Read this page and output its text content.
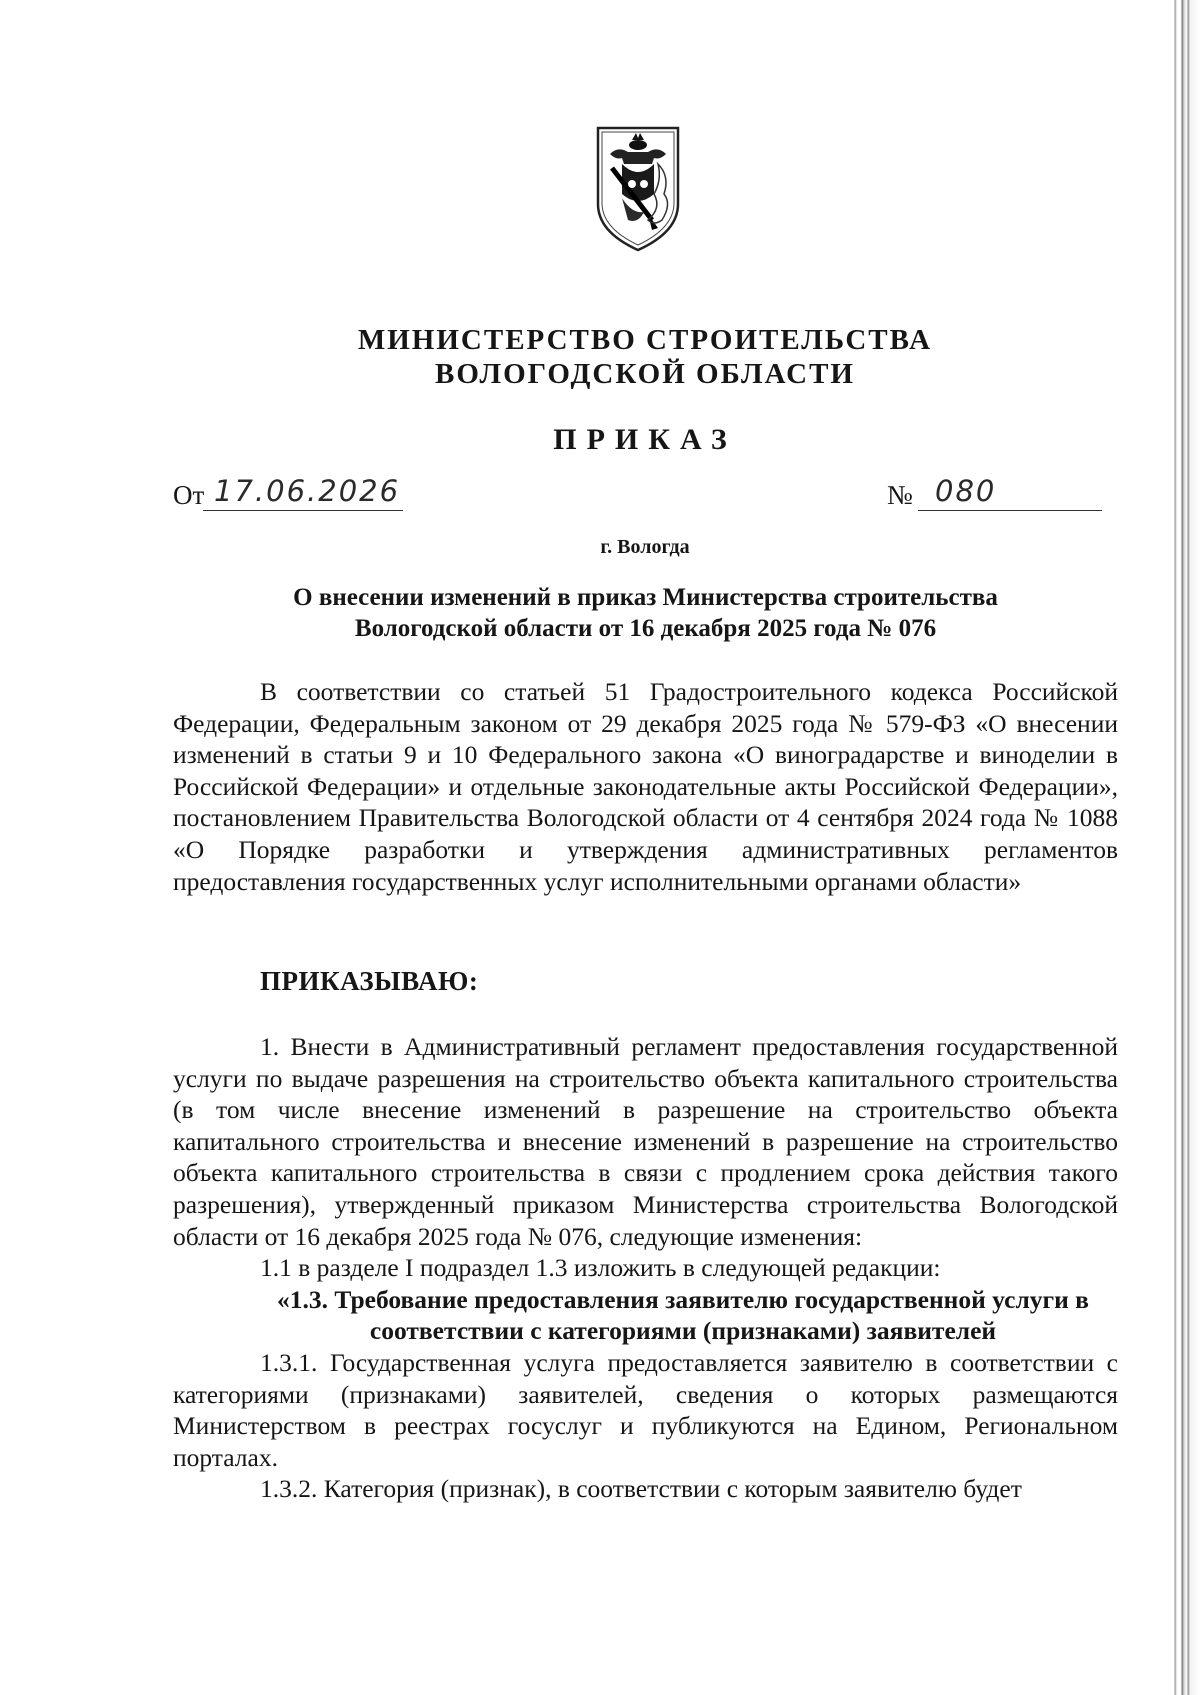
МИНИСТЕРСТВО СТРОИТЕЛЬСТВА
ВОЛОГОДСКОЙ ОБЛАСТИ
ПРИКАЗ
От 17.06.2026	№ 080
г. Вологда
О внесении изменений в приказ Министерства строительства
Вологодской области от 16 декабря 2025 года № 076

В соответствии со статьей 51 Градостроительного кодекса Российской Федерации, Федеральным законом от 29 декабря 2025 года № 579-ФЗ «О внесении изменений в статьи 9 и 10 Федерального закона «О виноградарстве и виноделии в Российской Федерации» и отдельные законодательные акты Российской Федерации», постановлением Правительства Вологодской области от 4 сентября 2024 года № 1088 «О Порядке разработки и утверждения административных регламентов предоставления государственных услуг исполнительными органами области»

ПРИКАЗЫВАЮ:

1. Внести в Административный регламент предоставления государственной услуги по выдаче разрешения на строительство объекта капитального строительства (в том числе внесение изменений в разрешение на строительство объекта капитального строительства и внесение изменений в разрешение на строительство объекта капитального строительства в связи с продлением срока действия такого разрешения), утвержденный приказом Министерства строительства Вологодской области от 16 декабря 2025 года № 076, следующие изменения:

1.1 в разделе I подраздел 1.3 изложить в следующей редакции:

«1.3. Требование предоставления заявителю государственной услуги в соответствии с категориями (признаками) заявителей

1.3.1. Государственная услуга предоставляется заявителю в соответствии с категориями (признаками) заявителей, сведения о которых размещаются Министерством в реестрах госуслуг и публикуются на Едином, Региональном порталах.

1.3.2. Категория (признак), в соответствии с которым заявителю будет
